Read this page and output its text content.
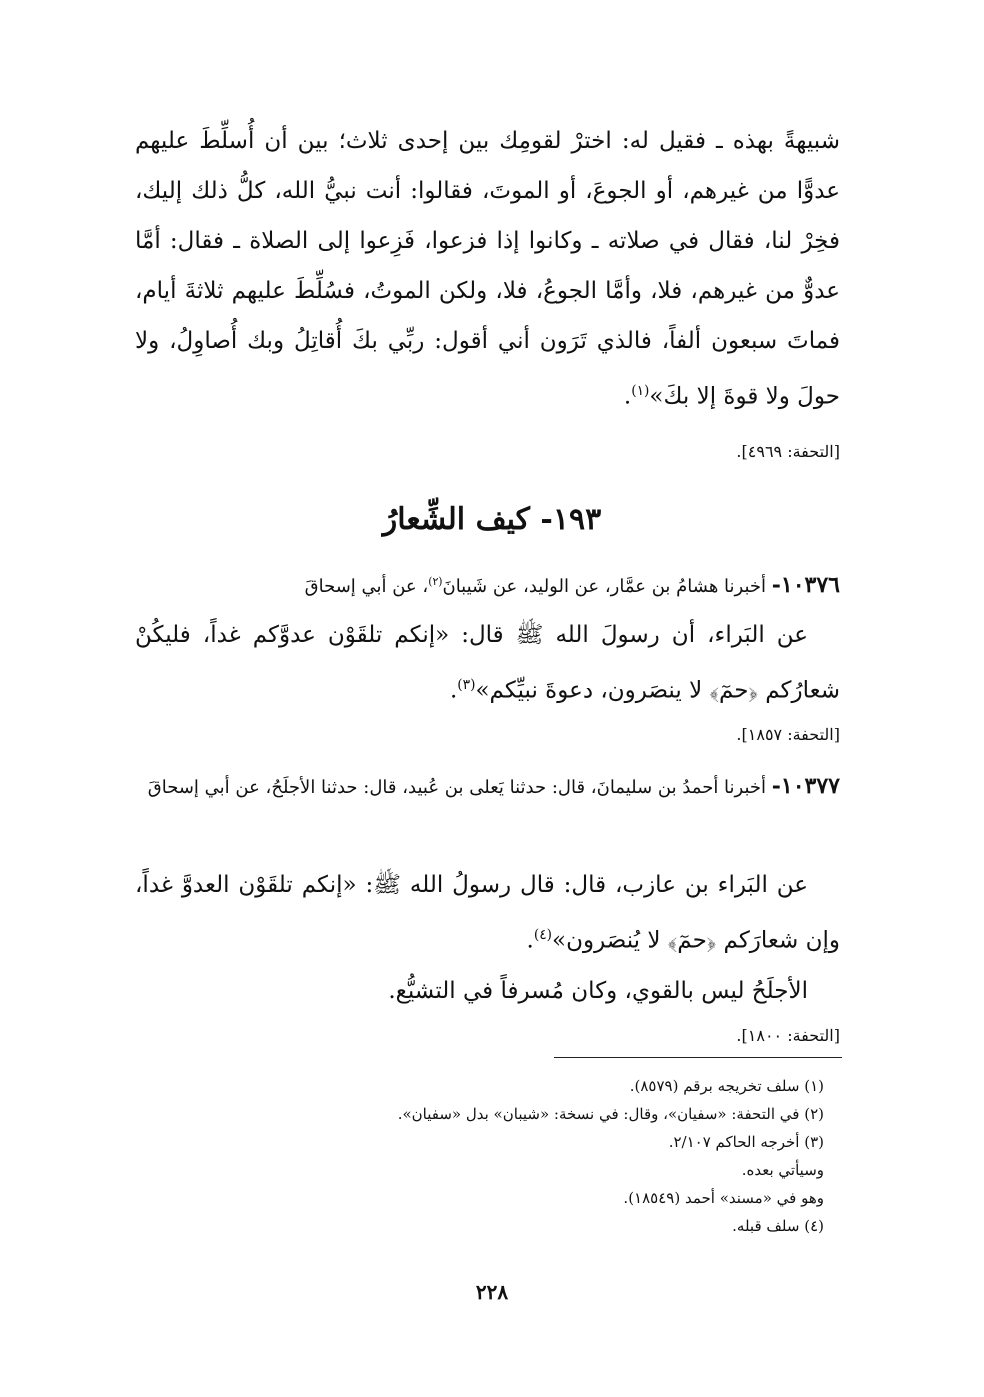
شبيهةً بهذه ـ فقيل له: اخترْ لقومِك بين إحدى ثلاث؛ بين أن أُسلِّطَ عليهم عدوًّا من غيرهم، أو الجوعَ، أو الموتَ، فقالوا: أنت نبيُّ الله، كلُّ ذلك إليك، فخِرْ لنا، فقال في صلاته ـ وكانوا إذا فزعوا، فَزِعوا إلى الصلاة ـ فقال: أمَّا عدوٌّ من غيرهم، فلا، وأمَّا الجوعُ، فلا، ولكن الموتُ، فسُلِّطَ عليهم ثلاثةَ أيام، فماتَ سبعون ألفاً، فالذي تَرَون أني أقول: ربِّي بكَ أُقاتِلُ وبك أُصاوِلُ، ولا حولَ ولا قوةَ إلا بكَ»$^{(١)}$.

[التحفة: ٤٩٦٩].
١٩٣- كيف الشِّعارُ

١٠٣٧٦- أخبرنا هشامُ بن عمَّار، عن الوليد، عن شَيبانَ$^{(٢)}$، عن أبي إسحاقَ

عن البَراء، أن رسولَ الله ﷺ قال: «إنكم تلقَوْن عدوَّكم غداً، فليكُنْ شعارُكم ﴿حمٓ﴾ لا ينصَرون، دعوةَ نبيِّكم»$^{(٣)}$.

[التحفة: ١٨٥٧].

١٠٣٧٧- أخبرنا أحمدُ بن سليمانَ، قال: حدثنا يَعلى بن عُبيد، قال: حدثنا الأجلَحُ، عن أبي إسحاقَ

عن البَراء بن عازب، قال: قال رسولُ الله ﷺ: «إنكم تلقَوْن العدوَّ غداً، وإن شعارَكم ﴿حمٓ﴾ لا يُنصَرون»$^{(٤)}$.

الأجلَحُ ليس بالقوي، وكان مُسرفاً في التشيُّع.

[التحفة: ١٨٠٠].
(١) سلف تخريجه برقم (٨٥٧٩).
(٢) في التحفة: «سفيان»، وقال: في نسخة: «شيبان» بدل «سفيان».
(٣) أخرجه الحاكم ٢/١٠٧.
وسيأتي بعده.
وهو في «مسند» أحمد (١٨٥٤٩).
(٤) سلف قبله.
٢٢٨
